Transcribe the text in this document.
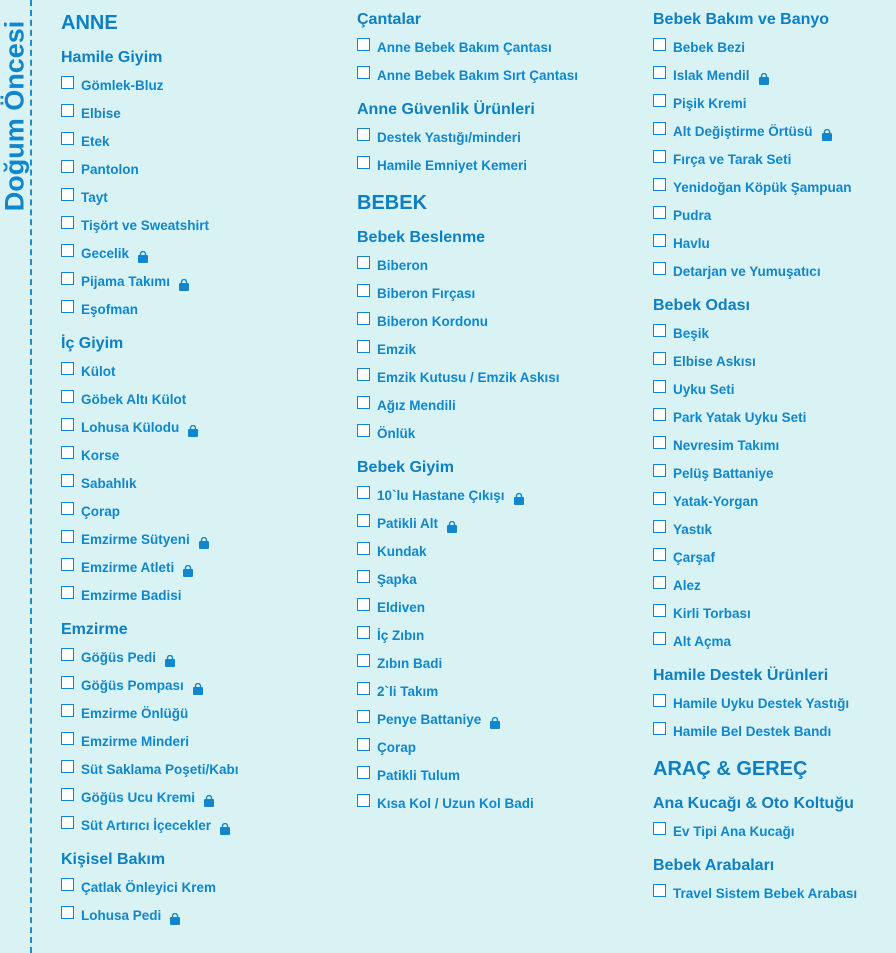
Doğum Öncesi ANNE
Hamile Giyim
Gömlek-Bluz
Elbise
Etek
Pantolon
Tayt
Tişört ve Sweatshirt
Gecelik
Pijama Takımı
Eşofman
İç Giyim
Külot
Göbek Altı Külot
Lohusa Külodu
Korse
Sabahlık
Çorap
Emzirme Sütyeni
Emzirme Atleti
Emzirme Badisi
Emzirme
Göğüs Pedi
Göğüs Pompası
Emzirme Önlüğü
Emzirme Minderi
Süt Saklama Poşeti/Kabı
Göğüs Ucu Kremi
Süt Artırıcı İçecekler
Kişisel Bakım
Çatlak Önleyici Krem
Lohusa Pedi
Çantalar
Anne Bebek Bakım Çantası
Anne Bebek Bakım Sırt Çantası
Anne Güvenlik Ürünleri
Destek Yastığı/minderi
Hamile Emniyet Kemeri
BEBEK
Bebek Beslenme
Biberon
Biberon Fırçası
Biberon Kordonu
Emzik
Emzik Kutusu / Emzik Askısı
Ağız Mendili
Önlük
Bebek Giyim
10`lu Hastane Çıkışı
Patikli Alt
Kundak
Şapka
Eldiven
İç Zıbın
Zıbın Badi
2`li Takım
Penye Battaniye
Çorap
Patikli Tulum
Kısa Kol / Uzun Kol Badi
Bebek Bakım ve Banyo
Bebek Bezi
Islak Mendil
Pişik Kremi
Alt Değiştirme Örtüsü
Fırça ve Tarak Seti
Yenidoğan Köpük Şampuan
Pudra
Havlu
Detarjan ve Yumuşatıcı
Bebek Odası
Beşik
Elbise Askısı
Uyku Seti
Park Yatak Uyku Seti
Nevresim Takımı
Pelüş Battaniye
Yatak-Yorgan
Yastık
Çarşaf
Alez
Kirli Torbası
Alt Açma
Hamile Destek Ürünleri
Hamile Uyku Destek Yastığı
Hamile Bel Destek Bandı
ARAÇ & GEREÇ
Ana Kucağı & Oto Koltuğu
Ev Tipi Ana Kucağı
Bebek Arabaları
Travel Sistem Bebek Arabası
